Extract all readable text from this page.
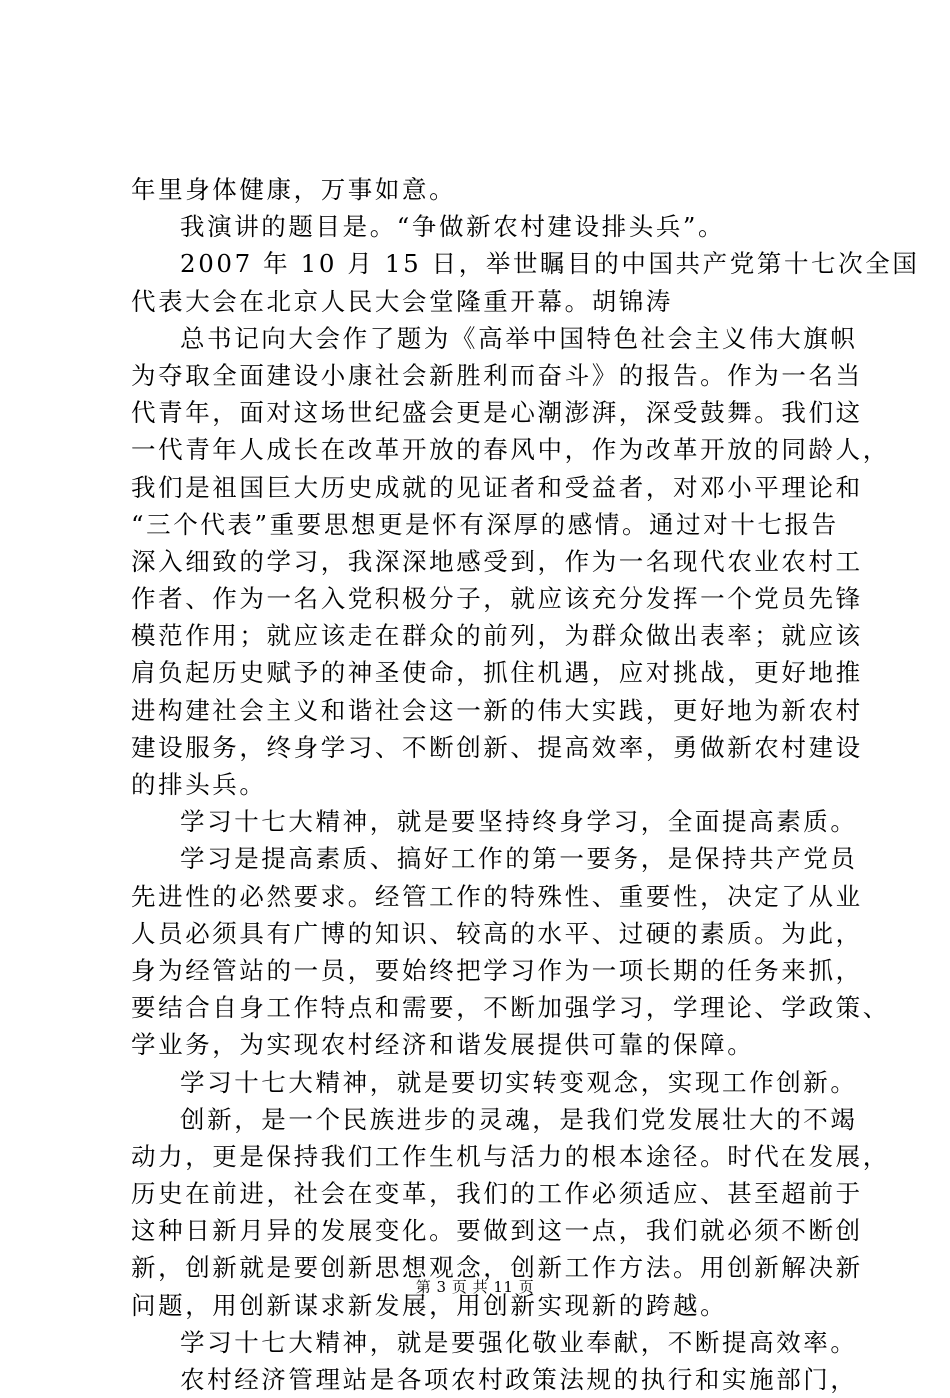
年里身体健康，万事如意。
我演讲的题目是。“争做新农村建设排头兵”。
2007 年 10 月 15 日，举世瞩目的中国共产党第十七次全国
代表大会在北京人民大会堂隆重开幕。胡锦涛
总书记向大会作了题为《高举中国特色社会主义伟大旗帜
为夺取全面建设小康社会新胜利而奋斗》的报告。作为一名当
代青年，面对这场世纪盛会更是心潮澎湃，深受鼓舞。我们这
一代青年人成长在改革开放的春风中，作为改革开放的同龄人，
我们是祖国巨大历史成就的见证者和受益者，对邓小平理论和
“三个代表”重要思想更是怀有深厚的感情。通过对十七报告
深入细致的学习，我深深地感受到，作为一名现代农业农村工
作者、作为一名入党积极分子，就应该充分发挥一个党员先锋
模范作用；就应该走在群众的前列，为群众做出表率；就应该
肩负起历史赋予的神圣使命，抓住机遇，应对挑战，更好地推
进构建社会主义和谐社会这一新的伟大实践，更好地为新农村
建设服务，终身学习、不断创新、提高效率，勇做新农村建设
的排头兵。
学习十七大精神，就是要坚持终身学习，全面提高素质。
学习是提高素质、搞好工作的第一要务，是保持共产党员
先进性的必然要求。经管工作的特殊性、重要性，决定了从业
人员必须具有广博的知识、较高的水平、过硬的素质。为此，
身为经管站的一员，要始终把学习作为一项长期的任务来抓，
要结合自身工作特点和需要，不断加强学习，学理论、学政策、
学业务，为实现农村经济和谐发展提供可靠的保障。
学习十七大精神，就是要切实转变观念，实现工作创新。
创新，是一个民族进步的灵魂，是我们党发展壮大的不竭
动力，更是保持我们工作生机与活力的根本途径。时代在发展，
历史在前进，社会在变革，我们的工作必须适应、甚至超前于
这种日新月异的发展变化。要做到这一点，我们就必须不断创
新，创新就是要创新思想观念，创新工作方法。用创新解决新
问题，用创新谋求新发展，用创新实现新的跨越。
学习十七大精神，就是要强化敬业奉献，不断提高效率。
农村经济管理站是各项农村政策法规的执行和实施部门，
第 3 页 共 11 页
